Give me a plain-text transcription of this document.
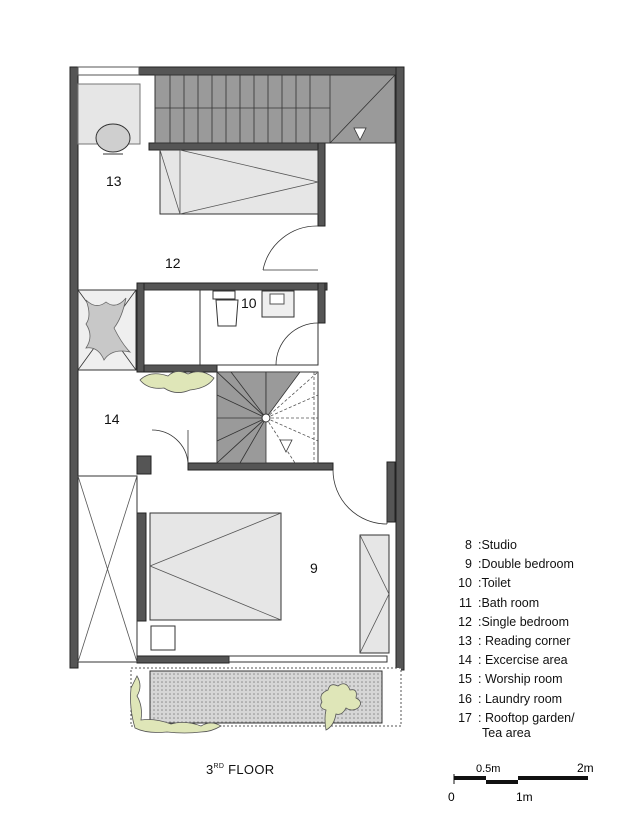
13
12
10
14
9
8 :Studio
9 :Double bedroom
10 :Toilet
11 :Bath room
12 :Single bedroom
13 : Reading corner
14 : Excercise area
15 : Worship room
16 : Laundry room
17 : Rooftop garden/
Tea area
3RD FLOOR	0.5m	2m
0	1m
